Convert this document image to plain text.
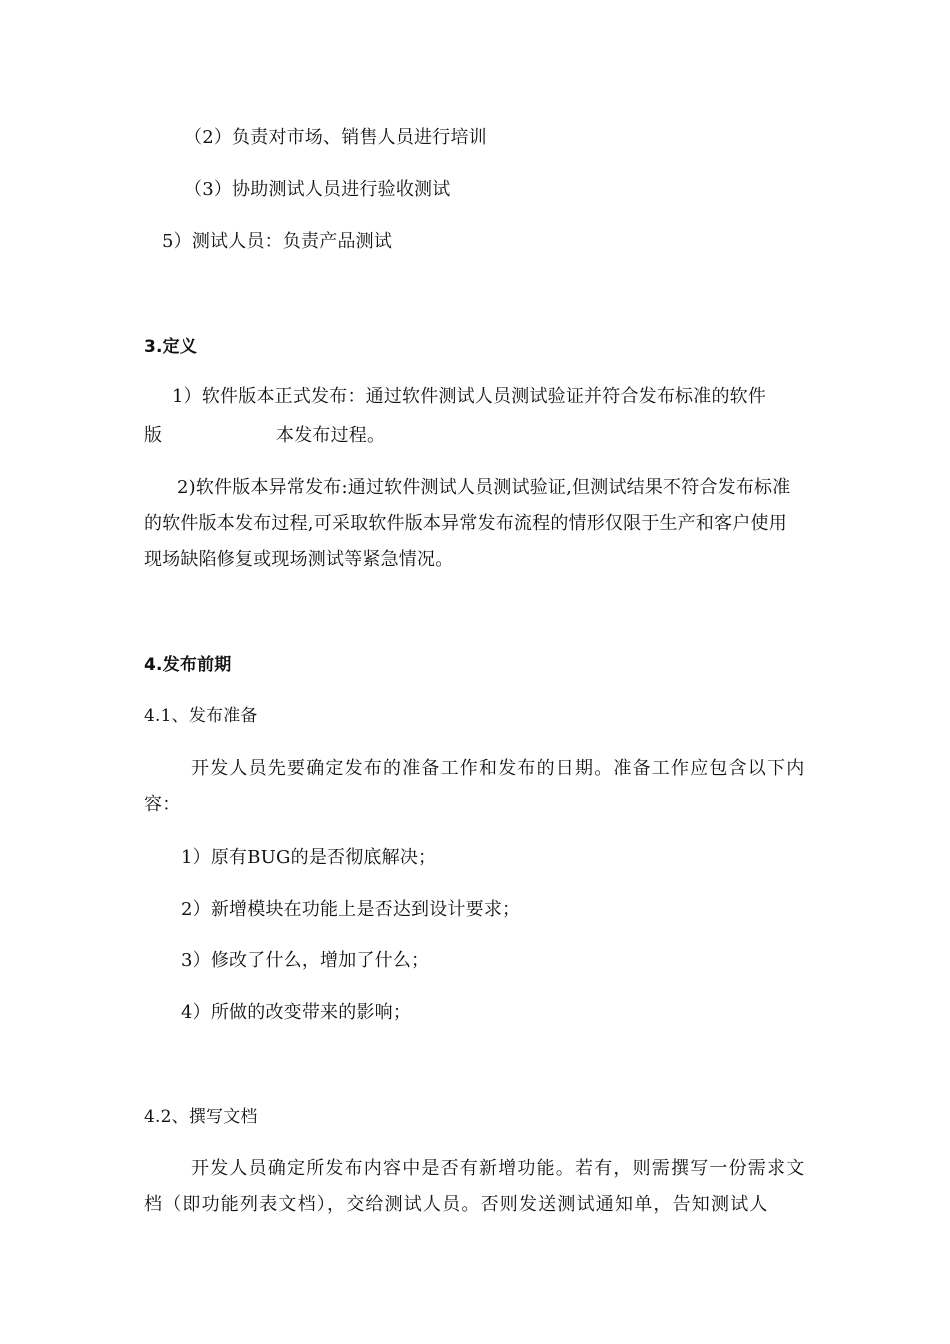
（2）负责对市场、销售人员进行培训
（3）协助测试人员进行验收测试
5）测试人员：负责产品测试
3.定义
1）软件版本正式发布：通过软件测试人员测试验证并符合发布标准的软件
版	本发布过程。
2)软件版本异常发布:通过软件测试人员测试验证,但测试结果不符合发布标准
的软件版本发布过程,可采取软件版本异常发布流程的情形仅限于生产和客户使用
现场缺陷修复或现场测试等紧急情况。
4.发布前期
4.1、发布准备
开发人员先要确定发布的准备工作和发布的日期。准备工作应包含以下内
容：
1）原有BUG的是否彻底解决；
2）新增模块在功能上是否达到设计要求；
3）修改了什么，增加了什么；
4）所做的改变带来的影响；
4.2、撰写文档
开发人员确定所发布内容中是否有新增功能。若有，则需撰写一份需求文
档（即功能列表文档），交给测试人员。否则发送测试通知单，告知测试人
